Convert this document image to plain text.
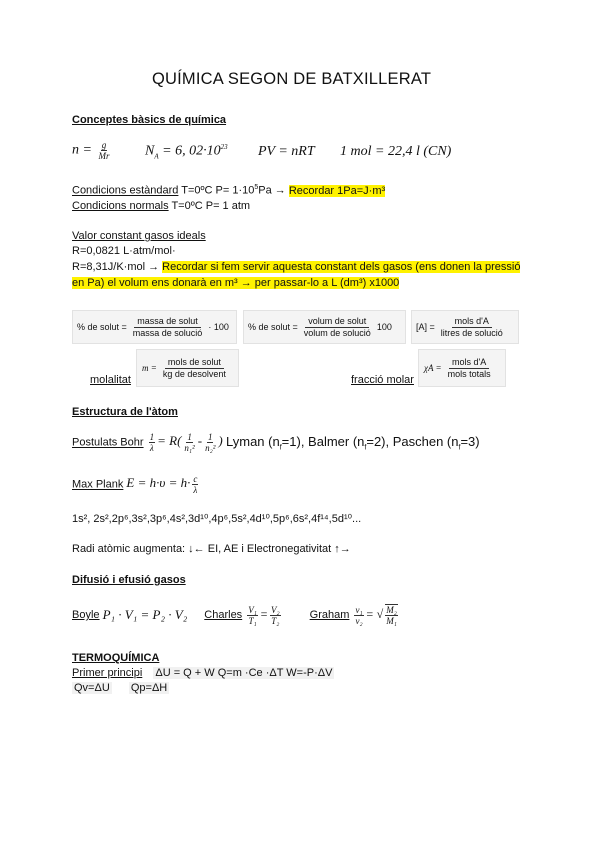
QUÍMICA SEGON DE BATXILLERAT
Conceptes bàsics de química
$n = \frac{g}{Mr} N_A = 6$, $02\cdot 10^{23}$ PV = nRT 1 mol = 22,4 l (CN)
Condicions estàndard T=0ºC $P= 1\cdot 10^5Pa$ → Recordar 1Pa=J·m³
Condicions normals T=0ºC P= 1 atm
Valor constant gasos ideals
R=0,0821 L·atm/mol·
R=8,31J/K·mol → Recordar si fem servir aquesta constant dels gasos (ens donen la pressió
en Pa) el volum ens donarà en m³ → per passar-lo a L (dm³) x1000
% de solut = $\frac{\text{massa de solut}}{\text{massa de solució}} \cdot 100$ % de solut = $\frac{\text{volum de solut}}{\text{volum de solució}} 100$	$[A] = \frac{\text{mols d'A}}{\text{litres de solució}}$
molalitat
$m = \frac{\text{mols de solut}}{\text{kg de desolvent}}$
fracció molar
$\chi A = \frac{\text{mols d'A}}{\text{mols totals}}$
Estructura de l'àtom
Postulats Bohr $\frac{1}{\lambda} = R( \frac{1}{\text{n₁²}} - \frac{1}{\text{n₂²}}$ ) Lyman $(n_f=1)$, Balmer $(n_f=2)$, Paschen $(n_f=3)$
Max Plank $E = h\cdot\upsilon = h\cdot \frac{c}{\lambda}$
1s², 2s²,2p⁶,3s²,3p⁶,4s²,3d¹⁰,4p⁶,5s²,4d¹⁰,5p⁶,6s²,4f¹⁴,5d¹⁰...
Radi atòmic augmenta: ↓← EI, AE i Electronegativitat ↑→
Difusió i efusió gasos
Boyle P₁ · V₁ = P₂ · V₂ Charles $\frac{\text{V₁}}{\text{T₁}} = \frac{\text{V₂}}{\text{T₂}}$	Graham $\frac{\text{v₁}}{\text{v₂}}$ = √ $\frac{\text{M₂}}{\text{M₁}}$
TERMOQUÍMICA
Primer principi ΔU = Q + W Q=m ·Ce ·ΔT W=-P·ΔV
Qv=ΔU Qp=ΔH
